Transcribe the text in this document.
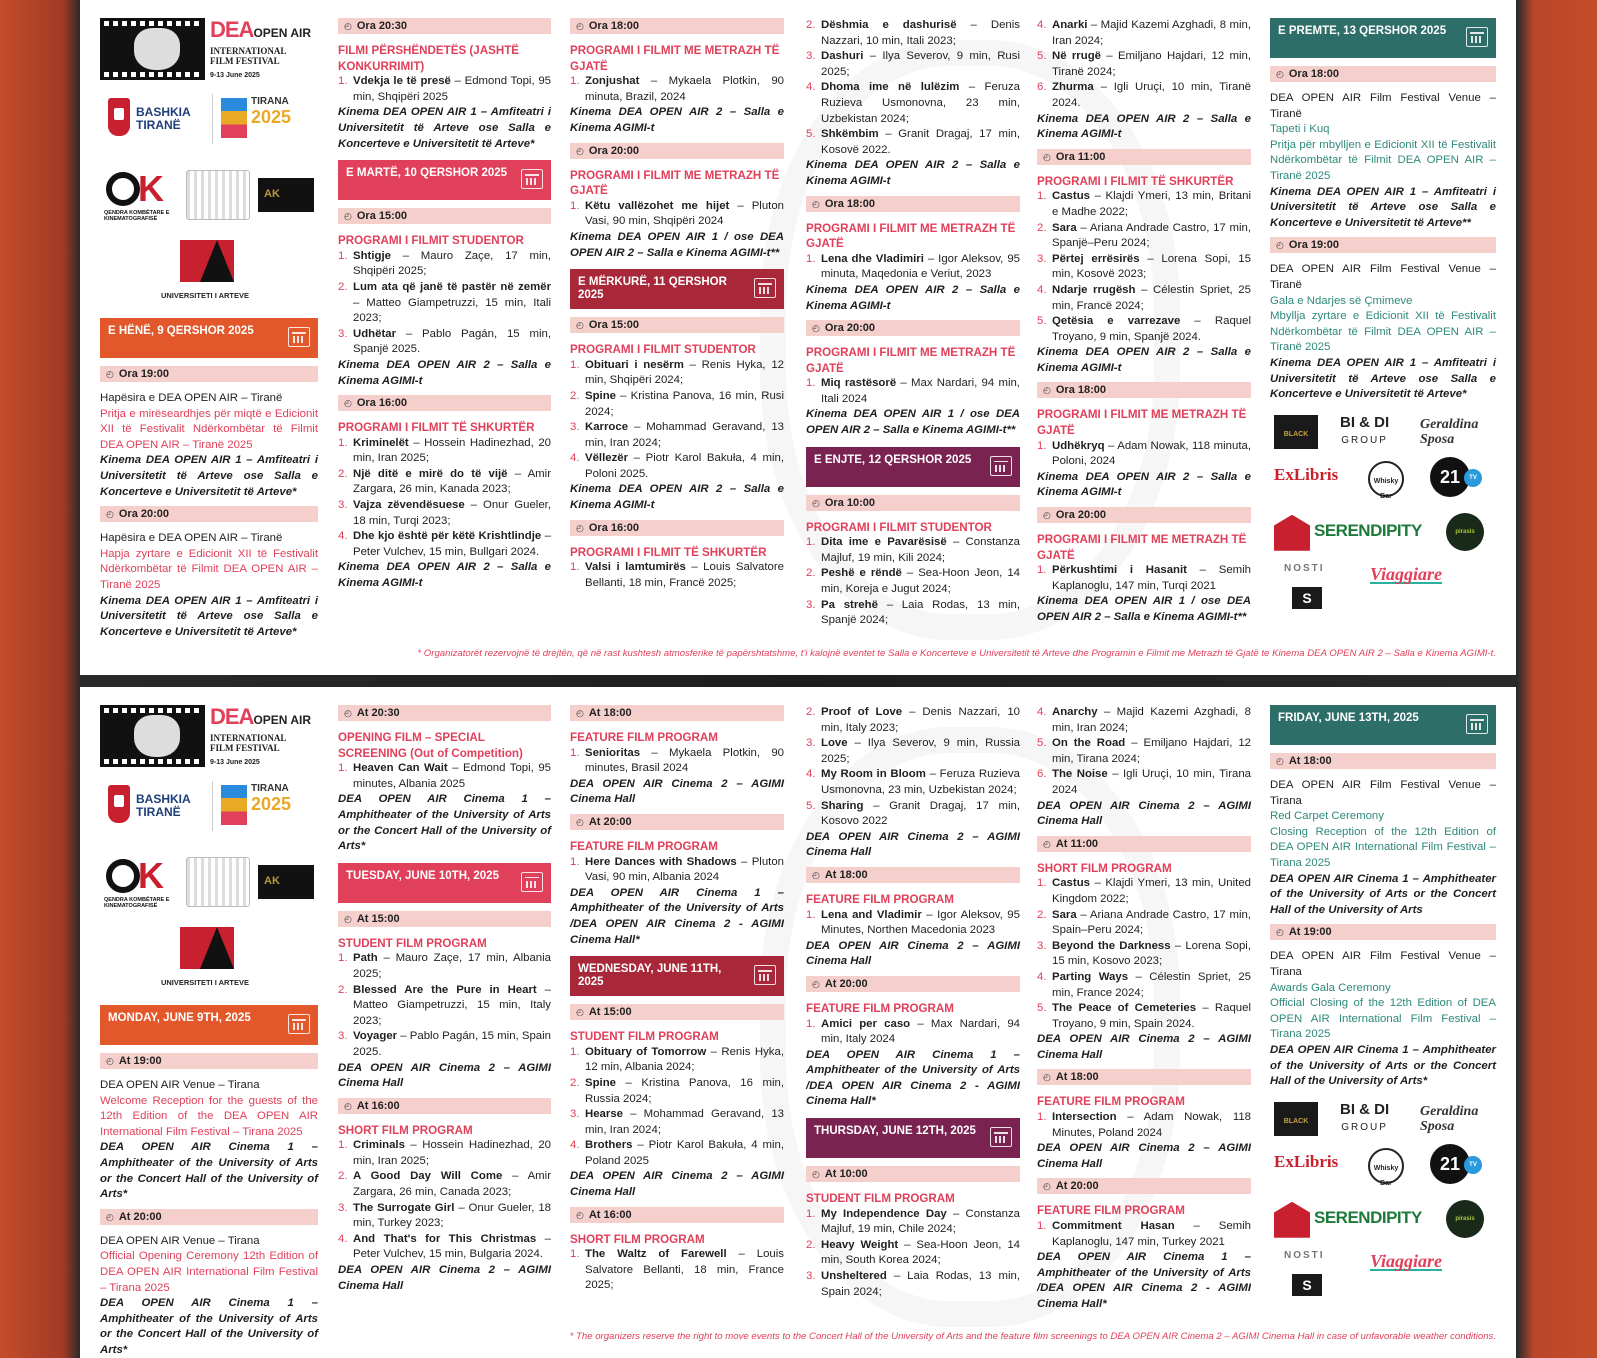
DEAOPEN AIR
INTERNATIONAL
FILM FESTIVAL
9-13 June 2025
BASHKIA
TIRANË
TIRANA
2025
K
QENDRA KOMBËTARE E KINEMATOGRAFISË
AK
UNIVERSITETI I ARTEVE
E HËNË, 9 QERSHOR 2025
◴ Ora 19:00
Hapësira e DEA OPEN AIR – Tiranë
Pritja e mirëseardhjes për miqtë e Edicionit XII të Festivalit Ndërkombëtar të Filmit DEA OPEN AIR – Tiranë 2025
Kinema DEA OPEN AIR 1 – Amfiteatri i Universitetit të Arteve ose Salla e Koncerteve e Universitetit të Arteve*
◴ Ora 20:00
Hapësira e DEA OPEN AIR – Tiranë
Hapja zyrtare e Edicionit XII të Festivalit Ndërkombëtar të Filmit DEA OPEN AIR – Tiranë 2025
Kinema DEA OPEN AIR 1 – Amfiteatri i Universitetit të Arteve ose Salla e Koncerteve e Universitetit të Arteve*
◴ Ora 20:30
FILMI PËRSHËNDETËS (JASHTË KONKURRIMIT)
1. Vdekja le të presë – Edmond Topi, 95 min, Shqipëri 2025
Kinema DEA OPEN AIR 1 – Amfiteatri i Universitetit të Arteve ose Salla e Koncerteve e Universitetit të Arteve*
E MARTË, 10 QERSHOR 2025
◴ Ora 15:00
PROGRAMI I FILMIT STUDENTOR
1. Shtigje – Mauro Zaçe, 17 min, Shqipëri 2025;
2. Lum ata që janë të pastër në zemër – Matteo Giampetruzzi, 15 min, Itali 2023;
3. Udhëtar – Pablo Pagán, 15 min, Spanjë 2025.
Kinema DEA OPEN AIR 2 – Salla e Kinema AGIMI-t
◴ Ora 16:00
PROGRAMI I FILMIT TË SHKURTËR
1. Kriminelët – Hossein Hadinezhad, 20 min, Iran 2025;
2. Një ditë e mirë do të vijë – Amir Zargara, 26 min, Kanada 2023;
3. Vajza zëvendësuese – Onur Gueler, 18 min, Turqi 2023;
4. Dhe kjo është për këtë Krishtlindje – Peter Vulchev, 15 min, Bullgari 2024.
Kinema DEA OPEN AIR 2 – Salla e Kinema AGIMI-t
◴ Ora 18:00
PROGRAMI I FILMIT ME METRAZH TË GJATË
1. Zonjushat – Mykaela Plotkin, 90 minuta, Brazil, 2024
Kinema DEA OPEN AIR 2 – Salla e Kinema AGIMI-t
◴ Ora 20:00
PROGRAMI I FILMIT ME METRAZH TË GJATË
1. Këtu vallëzohet me hijet – Pluton Vasi, 90 min, Shqipëri 2024
Kinema DEA OPEN AIR 1 / ose DEA OPEN AIR 2 – Salla e Kinema AGIMI-t**
E MËRKURË, 11 QERSHOR 2025
◴ Ora 15:00
PROGRAMI I FILMIT STUDENTOR
1. Obituari i nesërm – Renis Hyka, 12 min, Shqipëri 2024;
2. Spine – Kristina Panova, 16 min, Rusi 2024;
3. Karroce – Mohammad Geravand, 13 min, Iran 2024;
4. Vëllezër – Piotr Karol Bakuła, 4 min, Poloni 2025.
Kinema DEA OPEN AIR 2 – Salla e Kinema AGIMI-t
◴ Ora 16:00
PROGRAMI I FILMIT TË SHKURTËR
1. Valsi i lamtumirës – Louis Salvatore Bellanti, 18 min, Francë 2025;
2. Dëshmia e dashurisë – Denis Nazzari, 10 min, Itali 2023;
3. Dashuri – Ilya Severov, 9 min, Rusi 2025;
4. Dhoma ime në lulëzim – Feruza Ruzieva Usmonovna, 23 min, Uzbekistan 2024;
5. Shkëmbim – Granit Dragaj, 17 min, Kosovë 2022.
Kinema DEA OPEN AIR 2 – Salla e Kinema AGIMI-t
◴ Ora 18:00
PROGRAMI I FILMIT ME METRAZH TË GJATË
1. Lena dhe Vladimiri – Igor Aleksov, 95 minuta, Maqedonia e Veriut, 2023
Kinema DEA OPEN AIR 2 – Salla e Kinema AGIMI-t
◴ Ora 20:00
PROGRAMI I FILMIT ME METRAZH TË GJATË
1. Miq rastësorë – Max Nardari, 94 min, Itali 2024
Kinema DEA OPEN AIR 1 / ose DEA OPEN AIR 2 – Salla e Kinema AGIMI-t**
E ENJTE, 12 QERSHOR 2025
◴ Ora 10:00
PROGRAMI I FILMIT STUDENTOR
1. Dita ime e Pavarësisë – Constanza Majluf, 19 min, Kili 2024;
2. Peshë e rëndë – Sea-Hoon Jeon, 14 min, Koreja e Jugut 2024;
3. Pa strehë – Laia Rodas, 13 min, Spanjë 2024;
4. Anarki – Majid Kazemi Azghadi, 8 min, Iran 2024;
5. Në rrugë – Emiljano Hajdari, 12 min, Tiranë 2024;
6. Zhurma – Igli Uruçi, 10 min, Tiranë 2024.
Kinema DEA OPEN AIR 2 – Salla e Kinema AGIMI-t
◴ Ora 11:00
PROGRAMI I FILMIT TË SHKURTËR
1. Castus – Klajdi Ymeri, 13 min, Britani e Madhe 2022;
2. Sara – Ariana Andrade Castro, 17 min, Spanjë–Peru 2024;
3. Përtej errësirës – Lorena Sopi, 15 min, Kosovë 2023;
4. Ndarje rrugësh – Célestin Spriet, 25 min, Francë 2024;
5. Qetësia e varrezave – Raquel Troyano, 9 min, Spanjë 2024.
Kinema DEA OPEN AIR 2 – Salla e Kinema AGIMI-t
◴ Ora 18:00
PROGRAMI I FILMIT ME METRAZH TË GJATË
1. Udhëkryq – Adam Nowak, 118 minuta, Poloni, 2024
Kinema DEA OPEN AIR 2 – Salla e Kinema AGIMI-t
◴ Ora 20:00
PROGRAMI I FILMIT ME METRAZH TË GJATË
1. Përkushtimi i Hasanit – Semih Kaplanoglu, 147 min, Turqi 2021
Kinema DEA OPEN AIR 1 / ose DEA OPEN AIR 2 – Salla e Kinema AGIMI-t**
E PREMTE, 13 QERSHOR 2025
◴ Ora 18:00
DEA OPEN AIR Film Festival Venue – Tiranë
Tapeti i Kuq
Pritja për mbylljen e Edicionit XII të Festivalit Ndërkombëtar të Filmit DEA OPEN AIR – Tiranë 2025
Kinema DEA OPEN AIR 1 – Amfiteatri i Universitetit të Arteve ose Salla e Koncerteve e Universitetit të Arteve**
◴ Ora 19:00
DEA OPEN AIR Film Festival Venue – Tiranë
Gala e Ndarjes së Çmimeve
Mbyllja zyrtare e Edicionit XII të Festivalit Ndërkombëtar të Filmit DEA OPEN AIR – Tiranë 2025
Kinema DEA OPEN AIR 1 – Amfiteatri i Universitetit të Arteve ose Salla e Koncerteve e Universitetit të Arteve*
BLACK
BI & DI
GROUP
Geraldina Sposa
ExLibris	Whisky Bar
21	TV
SERENDIPITY	pirasis
NOSTI
S
Viaggiare
* Organizatorët rezervojnë të drejtën, që në rast kushtesh atmosferike të papërshtatshme, t'i kalojnë eventet te Salla e Koncerteve e Universitetit të Arteve dhe Programin e Filmit me Metrazh të Gjatë te Kinema DEA OPEN AIR 2 – Salla e Kinema AGIMI-t.
DEAOPEN AIR
INTERNATIONAL
FILM FESTIVAL
9-13 June 2025
BASHKIA
TIRANË
TIRANA
2025
K
QENDRA KOMBËTARE E KINEMATOGRAFISË
AK
UNIVERSITETI I ARTEVE
MONDAY, JUNE 9TH, 2025
◴ At 19:00
DEA OPEN AIR Venue – Tirana
Welcome Reception for the guests of the 12th Edition of the DEA OPEN AIR International Film Festival – Tirana 2025
DEA OPEN AIR Cinema 1 – Amphitheater of the University of Arts or the Concert Hall of the University of Arts*
◴ At 20:00
DEA OPEN AIR Venue – Tirana
Official Opening Ceremony 12th Edition of DEA OPEN AIR International Film Festival – Tirana 2025
DEA OPEN AIR Cinema 1 – Amphitheater of the University of Arts or the Concert Hall of the University of Arts*
◴ At 20:30
OPENING FILM – SPECIAL SCREENING (Out of Competition)
1. Heaven Can Wait – Edmond Topi, 95 minutes, Albania 2025
DEA OPEN AIR Cinema 1 – Amphitheater of the University of Arts or the Concert Hall of the University of Arts*
TUESDAY, JUNE 10TH, 2025
◴ At 15:00
STUDENT FILM PROGRAM
1. Path – Mauro Zaçe, 17 min, Albania 2025;
2. Blessed Are the Pure in Heart – Matteo Giampetruzzi, 15 min, Italy 2023;
3. Voyager – Pablo Pagán, 15 min, Spain 2025.
DEA OPEN AIR Cinema 2 – AGIMI Cinema Hall
◴ At 16:00
SHORT FILM PROGRAM
1. Criminals – Hossein Hadinezhad, 20 min, Iran 2025;
2. A Good Day Will Come – Amir Zargara, 26 min, Canada 2023;
3. The Surrogate Girl – Onur Gueler, 18 min, Turkey 2023;
4. And That's for This Christmas – Peter Vulchev, 15 min, Bulgaria 2024.
DEA OPEN AIR Cinema 2 – AGIMI Cinema Hall
◴ At 18:00
FEATURE FILM PROGRAM
1. Senioritas – Mykaela Plotkin, 90 minutes, Brasil 2024
DEA OPEN AIR Cinema 2 – AGIMI Cinema Hall
◴ At 20:00
FEATURE FILM PROGRAM
1. Here Dances with Shadows – Pluton Vasi, 90 min, Albania 2024
DEA OPEN AIR Cinema 1 – Amphitheater of the University of Arts /DEA OPEN AIR Cinema 2 - AGIMI Cinema Hall*
WEDNESDAY, JUNE 11TH, 2025
◴ At 15:00
STUDENT FILM PROGRAM
1. Obituary of Tomorrow – Renis Hyka, 12 min, Albania 2024;
2. Spine – Kristina Panova, 16 min, Russia 2024;
3. Hearse – Mohammad Geravand, 13 min, Iran 2024;
4. Brothers – Piotr Karol Bakuła, 4 min, Poland 2025
DEA OPEN AIR Cinema 2 – AGIMI Cinema Hall
◴ At 16:00
SHORT FILM PROGRAM
1. The Waltz of Farewell – Louis Salvatore Bellanti, 18 min, France 2025;
2. Proof of Love – Denis Nazzari, 10 min, Italy 2023;
3. Love – Ilya Severov, 9 min, Russia 2025;
4. My Room in Bloom – Feruza Ruzieva Usmonovna, 23 min, Uzbekistan 2024;
5. Sharing – Granit Dragaj, 17 min, Kosovo 2022
DEA OPEN AIR Cinema 2 – AGIMI Cinema Hall
◴ At 18:00
FEATURE FILM PROGRAM
1. Lena and Vladimir – Igor Aleksov, 95 Minutes, Northen Macedonia 2023
DEA OPEN AIR Cinema 2 – AGIMI Cinema Hall
◴ At 20:00
FEATURE FILM PROGRAM
1. Amici per caso – Max Nardari, 94 min, Italy 2024
DEA OPEN AIR Cinema 1 – Amphitheater of the University of Arts /DEA OPEN AIR Cinema 2 - AGIMI Cinema Hall*
THURSDAY, JUNE 12TH, 2025
◴ At 10:00
STUDENT FILM PROGRAM
1. My Independence Day – Constanza Majluf, 19 min, Chile 2024;
2. Heavy Weight – Sea-Hoon Jeon, 14 min, South Korea 2024;
3. Unsheltered – Laia Rodas, 13 min, Spain 2024;
4. Anarchy – Majid Kazemi Azghadi, 8 min, Iran 2024;
5. On the Road – Emiljano Hajdari, 12 min, Tirana 2024;
6. The Noise – Igli Uruçi, 10 min, Tirana 2024
DEA OPEN AIR Cinema 2 – AGIMI Cinema Hall
◴ At 11:00
SHORT FILM PROGRAM
1. Castus – Klajdi Ymeri, 13 min, United Kingdom 2022;
2. Sara – Ariana Andrade Castro, 17 min, Spain–Peru 2024;
3. Beyond the Darkness – Lorena Sopi, 15 min, Kosovo 2023;
4. Parting Ways – Célestin Spriet, 25 min, France 2024;
5. The Peace of Cemeteries – Raquel Troyano, 9 min, Spain 2024.
DEA OPEN AIR Cinema 2 – AGIMI Cinema Hall
◴ At 18:00
FEATURE FILM PROGRAM
1. Intersection – Adam Nowak, 118 Minutes, Poland 2024
DEA OPEN AIR Cinema 2 – AGIMI Cinema Hall
◴ At 20:00
FEATURE FILM PROGRAM
1. Commitment Hasan – Semih Kaplanoglu, 147 min, Turkey 2021
DEA OPEN AIR Cinema 1 – Amphitheater of the University of Arts /DEA OPEN AIR Cinema 2 - AGIMI Cinema Hall*
FRIDAY, JUNE 13TH, 2025
◴ At 18:00
DEA OPEN AIR Film Festival Venue – Tirana
Red Carpet Ceremony
Closing Reception of the 12th Edition of DEA OPEN AIR International Film Festival – Tirana 2025
DEA OPEN AIR Cinema 1 – Amphitheater of the University of Arts or the Concert Hall of the University of Arts
◴ At 19:00
DEA OPEN AIR Film Festival Venue – Tirana
Awards Gala Ceremony
Official Closing of the 12th Edition of DEA OPEN AIR International Film Festival – Tirana 2025
DEA OPEN AIR Cinema 1 – Amphitheater of the University of Arts or the Concert Hall of the University of Arts*
BLACK
BI & DI
GROUP
Geraldina Sposa
ExLibris	Whisky Bar
21	TV
SERENDIPITY	pirasis
NOSTI
S
Viaggiare
* The organizers reserve the right to move events to the Concert Hall of the University of Arts and the feature film screenings to DEA OPEN AIR Cinema 2 – AGIMI Cinema Hall in case of unfavorable weather conditions.
